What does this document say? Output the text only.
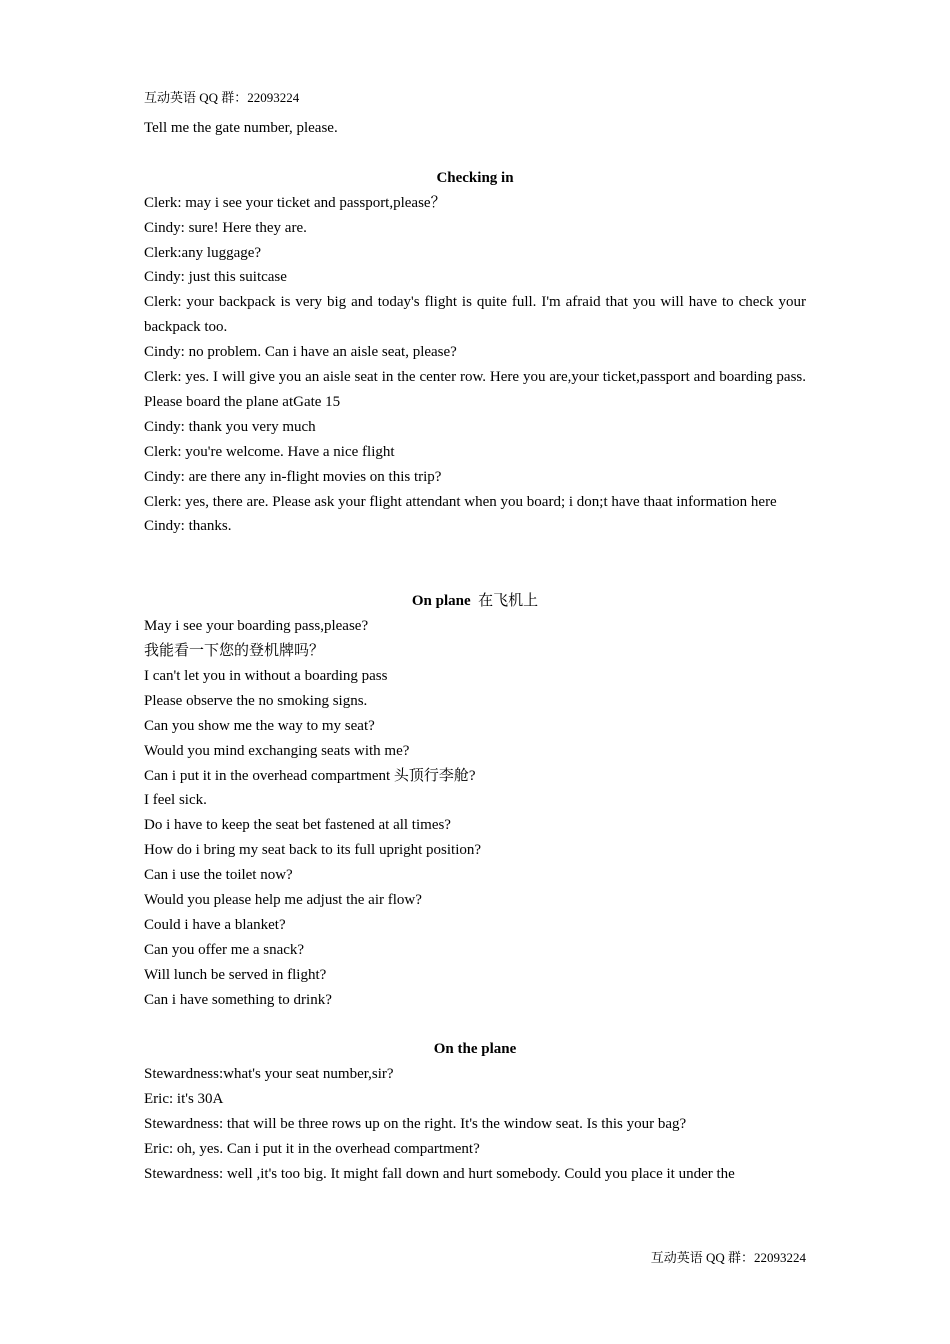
互动英语 QQ 群：22093224

Tell me the gate number, please.

Checking in

Clerk: may i see your ticket and passport,please？

Cindy: sure! Here they are.

Clerk:any luggage?

Cindy: just this suitcase

Clerk: your backpack is very big and today's flight is quite full. I'm afraid that you will have to check your backpack too.

Cindy: no problem. Can i have an aisle seat, please?

Clerk: yes. I will give you an aisle seat in the center row. Here you are,your ticket,passport and boarding pass. Please board the plane atGate 15

Cindy: thank you very much

Clerk: you're welcome. Have a nice flight

Cindy: are there any in-flight movies on this trip?

Clerk: yes, there are. Please ask your flight attendant when you board; i don;t have thaat information here

Cindy: thanks.

On plane 在飞机上

May i see your boarding pass,please?

我能看一下您的登机牌吗？

I can't let you in without a boarding pass

Please observe the no smoking signs.

Can you show me the way to my seat?

Would you mind exchanging seats with me?

Can i put it in the overhead compartment 头顶行李舱?

I feel sick.

Do i have to keep the seat bet fastened at all times?

How do i bring my seat back to its full upright position?

Can i use the toilet now?

Would you please help me adjust the air flow?

Could i have a blanket?

Can you offer me a snack?

Will lunch be served in flight?

Can i have something to drink?

On the plane

Stewardness:what's your seat number,sir?

Eric: it's 30A

Stewardness: that will be three rows up on the right. It's the window seat. Is this your bag?

Eric: oh, yes. Can i put it in the overhead compartment?

Stewardness: well ,it's too big. It might fall down and hurt somebody. Could you place it under the

互动英语 QQ 群：22093224
